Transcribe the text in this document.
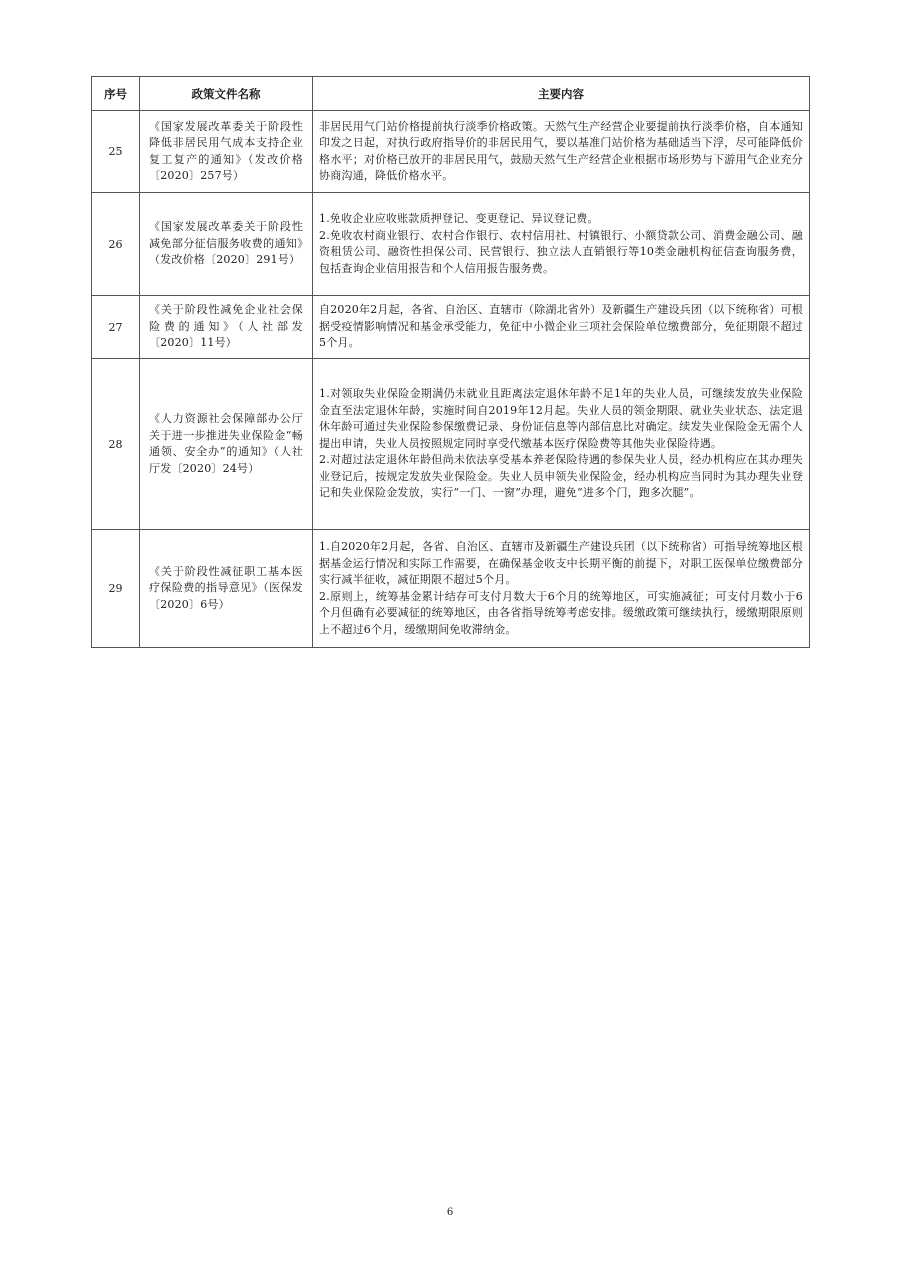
序号	政策文件名称	主要内容
25	《国家发展改革委关于阶段性降低非居民用气成本支持企业复工复产的通知》（发改价格〔2020〕257号）	非居民用气门站价格提前执行淡季价格政策。天然气生产经营企业要提前执行淡季价格，自本通知印发之日起，对执行政府指导价的非居民用气，要以基准门站价格为基础适当下浮，尽可能降低价格水平；对价格已放开的非居民用气，鼓励天然气生产经营企业根据市场形势与下游用气企业充分协商沟通，降低价格水平。

26	《国家发展改革委关于阶段性减免部分征信服务收费的通知》（发改价格〔2020〕291号）	1.免收企业应收账款质押登记、变更登记、异议登记费。

2.免收农村商业银行、农村合作银行、农村信用社、村镇银行、小额贷款公司、消费金融公司、融资租赁公司、融资性担保公司、民营银行、独立法人直销银行等10类金融机构征信查询服务费，包括查询企业信用报告和个人信用报告服务费。

27	《关于阶段性减免企业社会保险费的通知》（人社部发〔2020〕11号）	自2020年2月起，各省、自治区、直辖市（除湖北省外）及新疆生产建设兵团（以下统称省）可根据受疫情影响情况和基金承受能力，免征中小微企业三项社会保险单位缴费部分，免征期限不超过5个月。

28	《人力资源社会保障部办公厅关于进一步推进失业保险金“畅通领、安全办”的通知》（人社厅发〔2020〕24号）	1.对领取失业保险金期满仍未就业且距离法定退休年龄不足1年的失业人员，可继续发放失业保险金直至法定退休年龄，实施时间自2019年12月起。失业人员的领金期限、就业失业状态、法定退休年龄可通过失业保险参保缴费记录、身份证信息等内部信息比对确定。续发失业保险金无需个人提出申请，失业人员按照规定同时享受代缴基本医疗保险费等其他失业保险待遇。

2.对超过法定退休年龄但尚未依法享受基本养老保险待遇的参保失业人员，经办机构应在其办理失业登记后，按规定发放失业保险金。失业人员申领失业保险金，经办机构应当同时为其办理失业登记和失业保险金发放，实行“一门、一窗”办理，避免“进多个门，跑多次腿”。

29	《关于阶段性减征职工基本医疗保险费的指导意见》（医保发〔2020〕6号）	1.自2020年2月起，各省、自治区、直辖市及新疆生产建设兵团（以下统称省）可指导统筹地区根据基金运行情况和实际工作需要，在确保基金收支中长期平衡的前提下，对职工医保单位缴费部分实行减半征收，减征期限不超过5个月。

2.原则上，统筹基金累计结存可支付月数大于6个月的统筹地区，可实施减征；可支付月数小于6个月但确有必要减征的统筹地区，由各省指导统筹考虑安排。缓缴政策可继续执行，缓缴期限原则上不超过6个月，缓缴期间免收滞纳金。

6
